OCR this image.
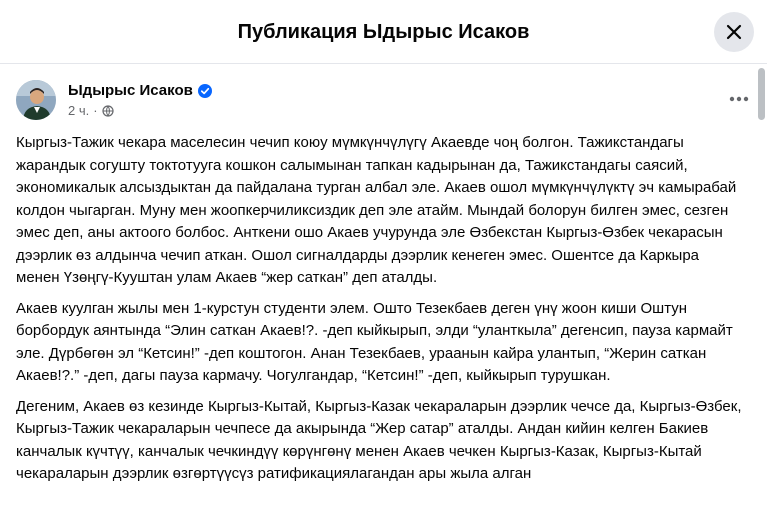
Публикация Ыдырыс Исаков
Ыдырыс Исаков
2 ч. ·

Кыргыз-Тажик чекара маселесин чечип коюу мүмкүнчүлүгү Акаевде чоң болгон. Тажикстандагы жарандык согушту токтотууга кошкон салымынан тапкан кадырынан да, Тажикстандагы саясий, экономикалык алсыздыктан да пайдалана турган албал эле. Акаев ошол мүмкүнчүлүктү эч камырабай колдон чыгарган. Муну мен жоопкерчиликсиздик деп эле атайм. Мындай болорун билген эмес, сезген эмес деп, аны актоого болбос. Анткени ошо Акаев учурунда эле Өзбекстан Кыргыз-Өзбек чекарасын дээрлик өз алдынча чечип аткан. Ошол сигналдарды дээрлик кенеген эмес. Ошентсе да Каркыра менен Үзөңгү-Кууштан улам Акаев “жер саткан” деп аталды.

Акаев куулган жылы мен 1-курстун студенти элем. Ошто Тезекбаев деген үнү жоон киши Оштун борбордук аянтында “Элин саткан Акаев!?. -деп кыйкырып, элди “уланткыла” дегенсип, пауза кармайт эле. Дүрбөгөн эл “Кетсин!” -деп коштогон. Анан Тезекбаев, ураанын кайра улантып, “Жерин саткан Акаев!?.” -деп, дагы пауза кармачу. Чогулгандар, “Кетсин!” -деп, кыйкырып турушкан.

Дегеним, Акаев өз кезинде Кыргыз-Кытай, Кыргыз-Казак чекараларын дээрлик чечсе да, Кыргыз-Өзбек, Кыргыз-Тажик чекараларын чечпесе да акырында “Жер сатар” аталды. Андан кийин келген Бакиев канчалык күчтүү, канчалык чечкиндүү көрүнгөнү менен Акаев чечкен Кыргыз-Казак, Кыргыз-Кытай чекараларын дээрлик өзгөртүүсүз ратификациялагандан ары жыла алган
